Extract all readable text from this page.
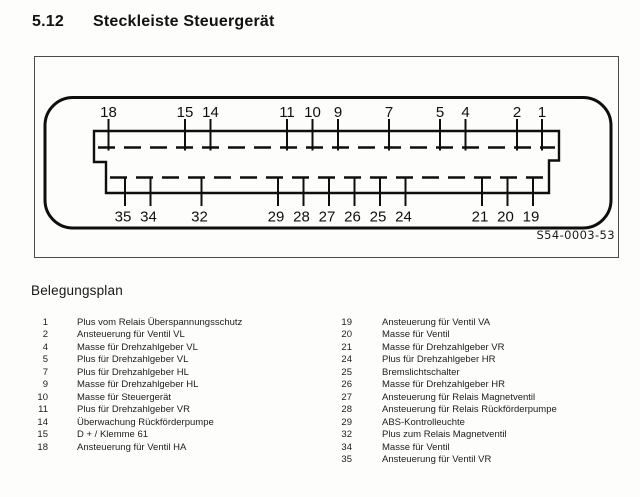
5.12 Steckleiste Steuergerät
18	15 14	11 10 9	7	5 4	2 1
35 34 32	29 28 27 26 25 24	21 20 19
S54-0003-53
Belegungsplan
1	Plus vom Relais Überspannungsschutz
2	Ansteuerung für Ventil VL
4	Masse für Drehzahlgeber VL
5	Plus für Drehzahlgeber VL
7	Plus für Drehzahlgeber HL
9	Masse für Drehzahlgeber HL
10	Masse für Steuergerät
11	Plus für Drehzahlgeber VR
14	Überwachung Rückförderpumpe
15	D + / Klemme 61
18	Ansteuerung für Ventil HA
19	Ansteuerung für Ventil VA
20	Masse für Ventil
21	Masse für Drehzahlgeber VR
24	Plus für Drehzahlgeber HR
25	Bremslichtschalter
26	Masse für Drehzahlgeber HR
27	Ansteuerung für Relais Magnetventil
28	Ansteuerung für Relais Rückförderpumpe
29	ABS-Kontrolleuchte
32	Plus zum Relais Magnetventil
34	Masse für Ventil
35	Ansteuerung für Ventil VR
